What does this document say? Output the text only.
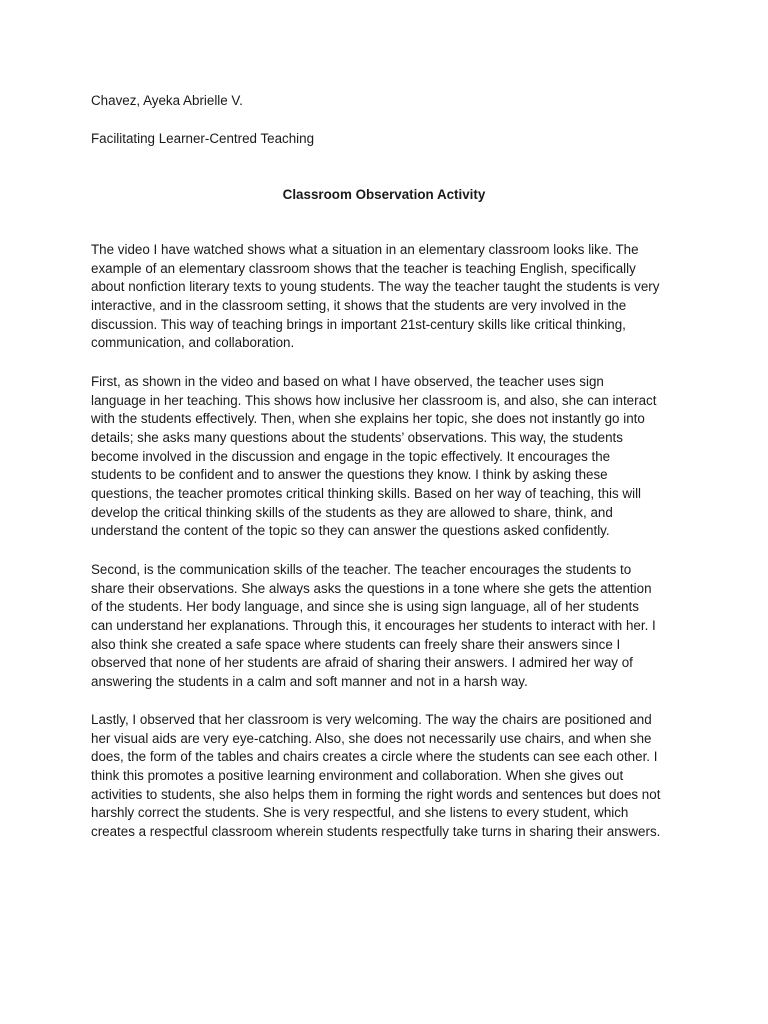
Chavez, Ayeka Abrielle V.
Facilitating Learner-Centred Teaching
Classroom Observation Activity
The video I have watched shows what a situation in an elementary classroom looks like. The
example of an elementary classroom shows that the teacher is teaching English, specifically
about nonfiction literary texts to young students. The way the teacher taught the students is very
interactive, and in the classroom setting, it shows that the students are very involved in the
discussion. This way of teaching brings in important 21st-century skills like critical thinking,
communication, and collaboration.
First, as shown in the video and based on what I have observed, the teacher uses sign
language in her teaching. This shows how inclusive her classroom is, and also, she can interact
with the students effectively. Then, when she explains her topic, she does not instantly go into
details; she asks many questions about the students’ observations. This way, the students
become involved in the discussion and engage in the topic effectively. It encourages the
students to be confident and to answer the questions they know. I think by asking these
questions, the teacher promotes critical thinking skills. Based on her way of teaching, this will
develop the critical thinking skills of the students as they are allowed to share, think, and
understand the content of the topic so they can answer the questions asked confidently.
Second, is the communication skills of the teacher. The teacher encourages the students to
share their observations. She always asks the questions in a tone where she gets the attention
of the students. Her body language, and since she is using sign language, all of her students
can understand her explanations. Through this, it encourages her students to interact with her. I
also think she created a safe space where students can freely share their answers since I
observed that none of her students are afraid of sharing their answers. I admired her way of
answering the students in a calm and soft manner and not in a harsh way.
Lastly, I observed that her classroom is very welcoming. The way the chairs are positioned and
her visual aids are very eye-catching. Also, she does not necessarily use chairs, and when she
does, the form of the tables and chairs creates a circle where the students can see each other. I
think this promotes a positive learning environment and collaboration. When she gives out
activities to students, she also helps them in forming the right words and sentences but does not
harshly correct the students. She is very respectful, and she listens to every student, which
creates a respectful classroom wherein students respectfully take turns in sharing their answers.
